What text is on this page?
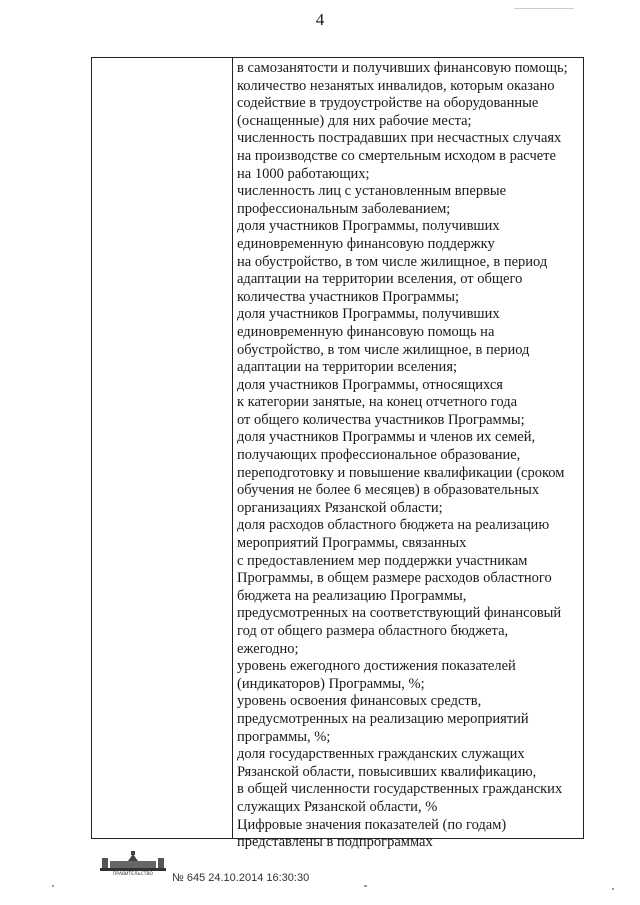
4
в самозанятости и получивших финансовую помощь;
количество незанятых инвалидов, которым оказано
содействие в трудоустройстве на оборудованные
(оснащенные) для них рабочие места;
численность пострадавших при несчастных случаях
на производстве со смертельным исходом в расчете
на 1000 работающих;
численность лиц с установленным впервые
профессиональным заболеванием;
доля участников Программы, получивших
единовременную финансовую поддержку
на обустройство, в том числе жилищное, в период
адаптации на территории вселения, от общего
количества участников Программы;
доля участников Программы, получивших
единовременную финансовую помощь на
обустройство, в том числе жилищное, в период
адаптации на территории вселения;
доля участников Программы, относящихся
к категории занятые, на конец отчетного года
от общего количества участников Программы;
доля участников Программы и членов их семей,
получающих профессиональное образование,
переподготовку и повышение квалификации (сроком
обучения не более 6 месяцев) в образовательных
организациях Рязанской области;
доля расходов областного бюджета на реализацию
мероприятий Программы, связанных
с предоставлением мер поддержки участникам
Программы, в общем размере расходов областного
бюджета на реализацию Программы,
предусмотренных на соответствующий финансовый
год от общего размера областного бюджета,
ежегодно;
уровень ежегодного достижения показателей
(индикаторов) Программы, %;
уровень освоения финансовых средств,
предусмотренных на реализацию мероприятий
программы, %;
доля государственных гражданских служащих
Рязанской области, повысивших квалификацию,
в общей численности государственных гражданских
служащих Рязанской области, %
Цифровые значения показателей (по годам)
представлены в подпрограммах
ПРАВИТЕЛЬСТВО № 645 24.10.2014 16:30:30
